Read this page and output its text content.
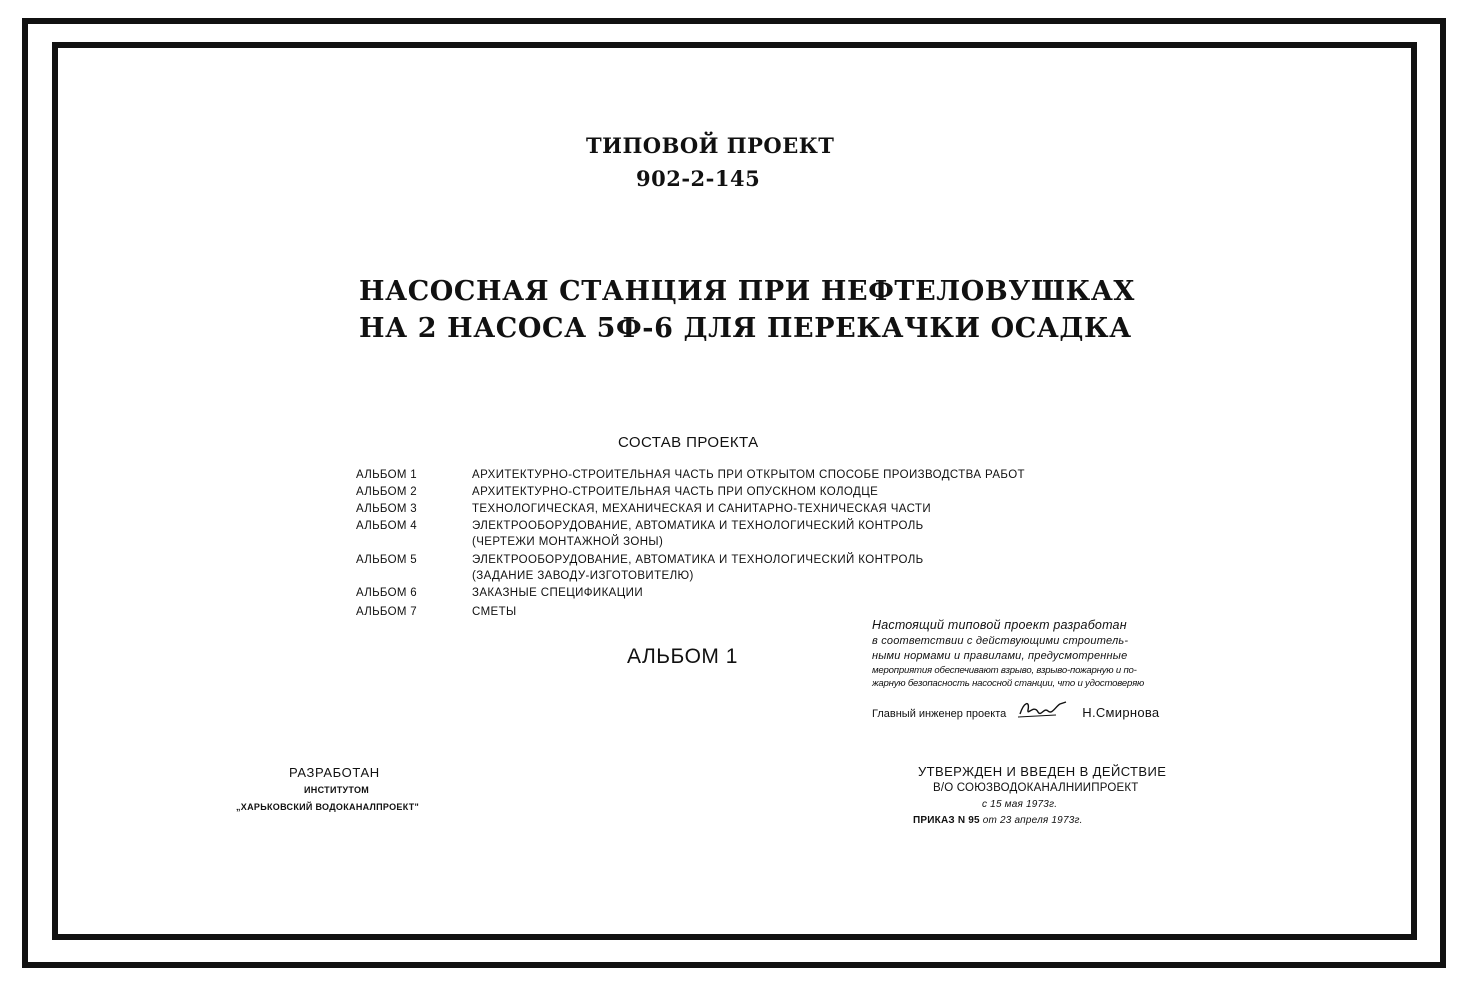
ТИПОВОЙ ПРОЕКТ
902-2-145
НАСОСНАЯ СТАНЦИЯ ПРИ НЕФТЕЛОВУШКАХ
НА 2 НАСОСА 5Ф-6 ДЛЯ ПЕРЕКАЧКИ ОСАДКА
СОСТАВ ПРОЕКТА
АЛЬБОМ 1	АРХИТЕКТУРНО-СТРОИТЕЛЬНАЯ ЧАСТЬ ПРИ ОТКРЫТОМ СПОСОБЕ ПРОИЗВОДСТВА РАБОТ
АЛЬБОМ 2	АРХИТЕКТУРНО-СТРОИТЕЛЬНАЯ ЧАСТЬ ПРИ ОПУСКНОМ КОЛОДЦЕ
АЛЬБОМ 3	ТЕХНОЛОГИЧЕСКАЯ, МЕХАНИЧЕСКАЯ И САНИТАРНО-ТЕХНИЧЕСКАЯ ЧАСТИ
АЛЬБОМ 4	ЭЛЕКТРООБОРУДОВАНИЕ, АВТОМАТИКА И ТЕХНОЛОГИЧЕСКИЙ КОНТРОЛЬ
(ЧЕРТЕЖИ МОНТАЖНОЙ ЗОНЫ)
АЛЬБОМ 5	ЭЛЕКТРООБОРУДОВАНИЕ, АВТОМАТИКА И ТЕХНОЛОГИЧЕСКИЙ КОНТРОЛЬ
(ЗАДАНИЕ ЗАВОДУ-ИЗГОТОВИТЕЛЮ)
АЛЬБОМ 6	ЗАКАЗНЫЕ СПЕЦИФИКАЦИИ
АЛЬБОМ 7	СМЕТЫ
АЛЬБОМ 1
Настоящий типовой проект разработан
в соответствии с действующими строитель-
ными нормами и правилами, предусмотренные
мероприятия обеспечивают взрыво, взрыво-пожарную и по-
жарную безопасность насосной станции, что и удостоверяю
Главный инженер проекта	Н.Смирнова
РАЗРАБОТАН
ИНСТИТУТОМ
„ХАРЬКОВСКИЙ ВОДОКАНАЛПРОЕКТ"
УТВЕРЖДЕН И ВВЕДЕН В ДЕЙСТВИЕ
В/О СОЮЗВОДОКАНАЛНИИПРОЕКТ
с 15 мая 1973г.
ПРИКАЗ N 95 от 23 апреля 1973г.
